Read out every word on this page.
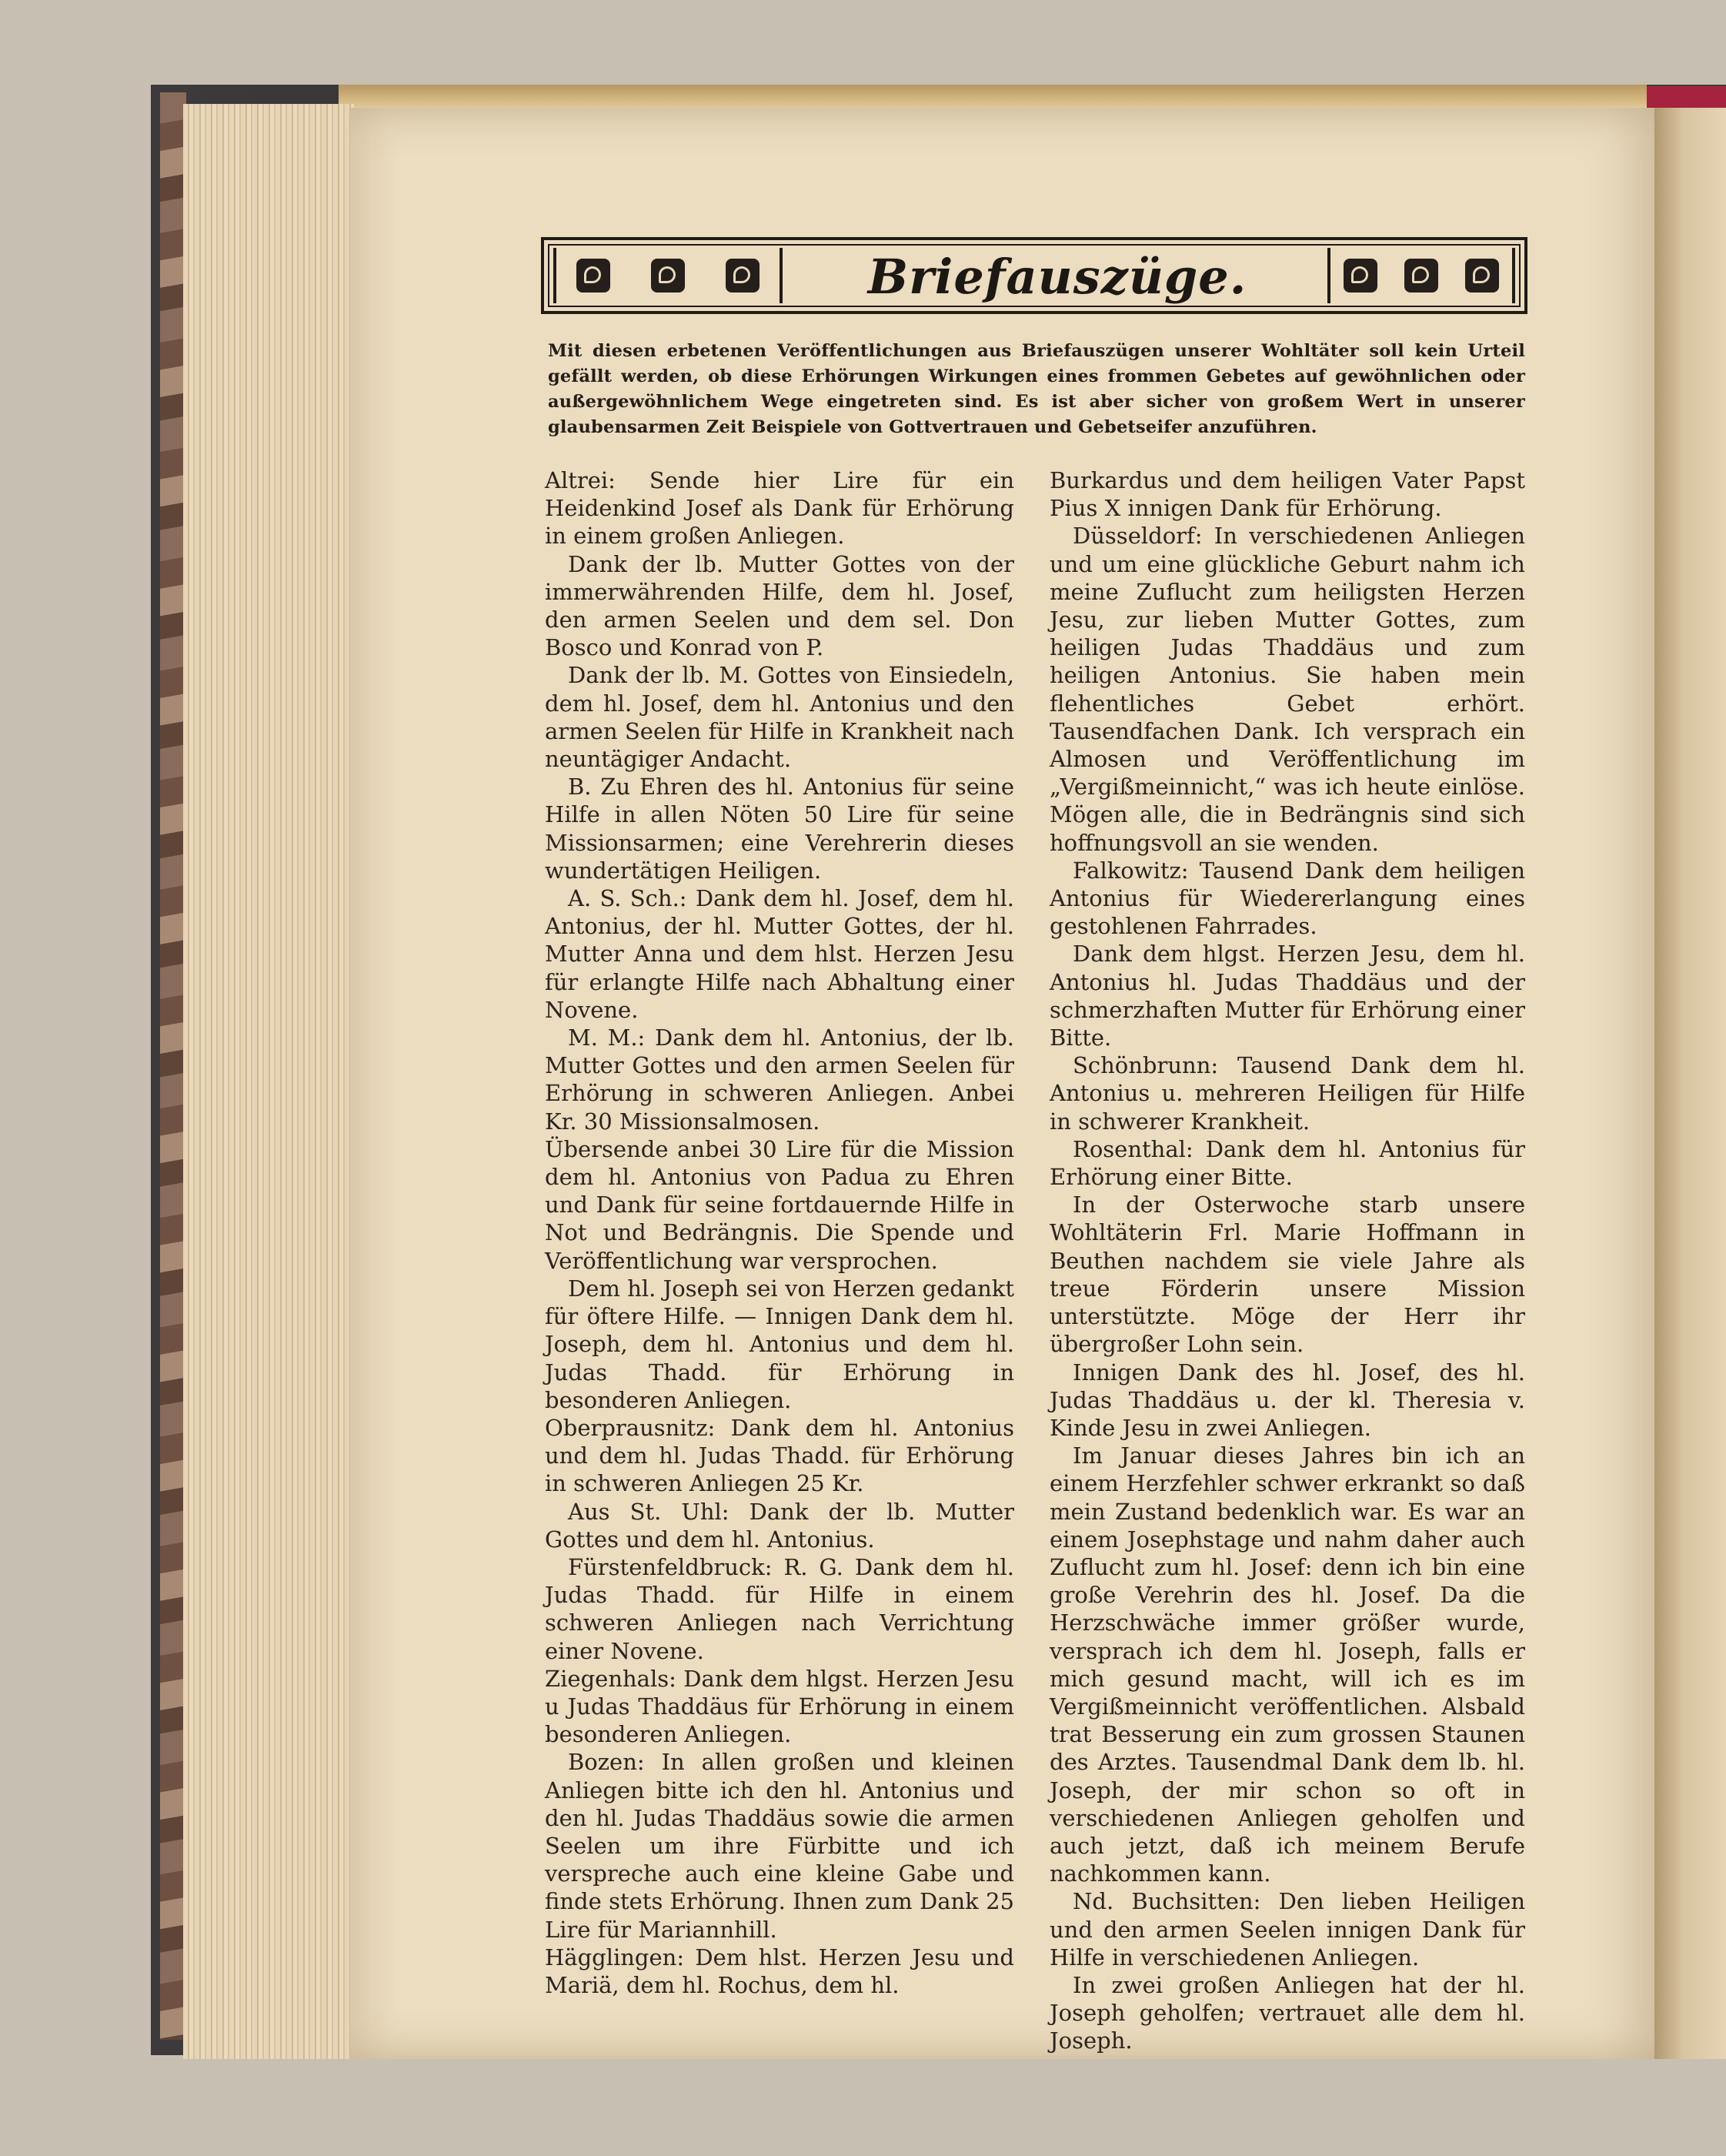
Briefauszüge.
Mit diesen erbetenen Veröffentlichungen aus Briefauszügen unserer Wohltäter soll kein Urteil gefällt werden, ob diese Erhörungen Wirkungen eines frommen Gebetes auf gewöhnlichen oder außergewöhnlichem Wege eingetreten sind. Es ist aber sicher von großem Wert in unserer glaubensarmen Zeit Beispiele von Gottvertrauen und Gebetseifer anzuführen.

Altrei: Sende hier Lire für ein Heidenkind Josef als Dank für Erhörung in einem großen Anliegen.

Dank der lb. Mutter Gottes von der immerwährenden Hilfe, dem hl. Josef, den armen Seelen und dem sel. Don Bosco und Konrad von P.

Dank der lb. M. Gottes von Einsiedeln, dem hl. Josef, dem hl. Antonius und den armen Seelen für Hilfe in Krankheit nach neuntägiger Andacht.

B. Zu Ehren des hl. Antonius für seine Hilfe in allen Nöten 50 Lire für seine Missionsarmen; eine Verehrerin dieses wundertätigen Heiligen.

A. S. Sch.: Dank dem hl. Josef, dem hl. Antonius, der hl. Mutter Gottes, der hl. Mutter Anna und dem hlst. Herzen Jesu für erlangte Hilfe nach Abhaltung einer Novene.

M. M.: Dank dem hl. Antonius, der lb. Mutter Gottes und den armen Seelen für Erhörung in schweren Anliegen. Anbei Kr. 30 Missionsalmosen.

Übersende anbei 30 Lire für die Mission dem hl. Antonius von Padua zu Ehren und Dank für seine fortdauernde Hilfe in Not und Bedrängnis. Die Spende und Veröffentlichung war versprochen.

Dem hl. Joseph sei von Herzen gedankt für öftere Hilfe. — Innigen Dank dem hl. Joseph, dem hl. Antonius und dem hl. Judas Thadd. für Erhörung in besonderen Anliegen.

Oberprausnitz: Dank dem hl. Antonius und dem hl. Judas Thadd. für Erhörung in schweren Anliegen 25 Kr.

Aus St. Uhl: Dank der lb. Mutter Gottes und dem hl. Antonius.

Fürstenfeldbruck: R. G. Dank dem hl. Judas Thadd. für Hilfe in einem schweren Anliegen nach Verrichtung einer Novene.

Ziegenhals: Dank dem hlgst. Herzen Jesu u Judas Thaddäus für Erhörung in einem besonderen Anliegen.

Bozen: In allen großen und kleinen Anliegen bitte ich den hl. Antonius und den hl. Judas Thaddäus sowie die armen Seelen um ihre Fürbitte und ich verspreche auch eine kleine Gabe und finde stets Erhörung. Ihnen zum Dank 25 Lire für Mariannhill.

Hägglingen: Dem hlst. Herzen Jesu und Mariä, dem hl. Rochus, dem hl.

Burkardus und dem heiligen Vater Papst Pius X innigen Dank für Erhörung.

Düsseldorf: In verschiedenen Anliegen und um eine glückliche Geburt nahm ich meine Zuflucht zum heiligsten Herzen Jesu, zur lieben Mutter Gottes, zum heiligen Judas Thaddäus und zum heiligen Antonius. Sie haben mein flehentliches Gebet erhört. Tausendfachen Dank. Ich versprach ein Almosen und Veröffentlichung im „Vergißmeinnicht,“ was ich heute einlöse. Mögen alle, die in Bedrängnis sind sich hoffnungsvoll an sie wenden.

Falkowitz: Tausend Dank dem heiligen Antonius für Wiedererlangung eines gestohlenen Fahrrades.

Dank dem hlgst. Herzen Jesu, dem hl. Antonius hl. Judas Thaddäus und der schmerzhaften Mutter für Erhörung einer Bitte.

Schönbrunn: Tausend Dank dem hl. Antonius u. mehreren Heiligen für Hilfe in schwerer Krankheit.

Rosenthal: Dank dem hl. Antonius für Erhörung einer Bitte.

In der Osterwoche starb unsere Wohltäterin Frl. Marie Hoffmann in Beuthen nachdem sie viele Jahre als treue Förderin unsere Mission unterstützte. Möge der Herr ihr übergroßer Lohn sein.

Innigen Dank des hl. Josef, des hl. Judas Thaddäus u. der kl. Theresia v. Kinde Jesu in zwei Anliegen.

Im Januar dieses Jahres bin ich an einem Herzfehler schwer erkrankt so daß mein Zustand bedenklich war. Es war an einem Josephstage und nahm daher auch Zuflucht zum hl. Josef: denn ich bin eine große Verehrin des hl. Josef. Da die Herzschwäche immer größer wurde, versprach ich dem hl. Joseph, falls er mich gesund macht, will ich es im Vergißmeinnicht veröffentlichen. Alsbald trat Besserung ein zum grossen Staunen des Arztes. Tausendmal Dank dem lb. hl. Joseph, der mir schon so oft in verschiedenen Anliegen geholfen und auch jetzt, daß ich meinem Berufe nachkommen kann.

Nd. Buchsitten: Den lieben Heiligen und den armen Seelen innigen Dank für Hilfe in verschiedenen Anliegen.

In zwei großen Anliegen hat der hl. Joseph geholfen; vertrauet alle dem hl. Joseph.
